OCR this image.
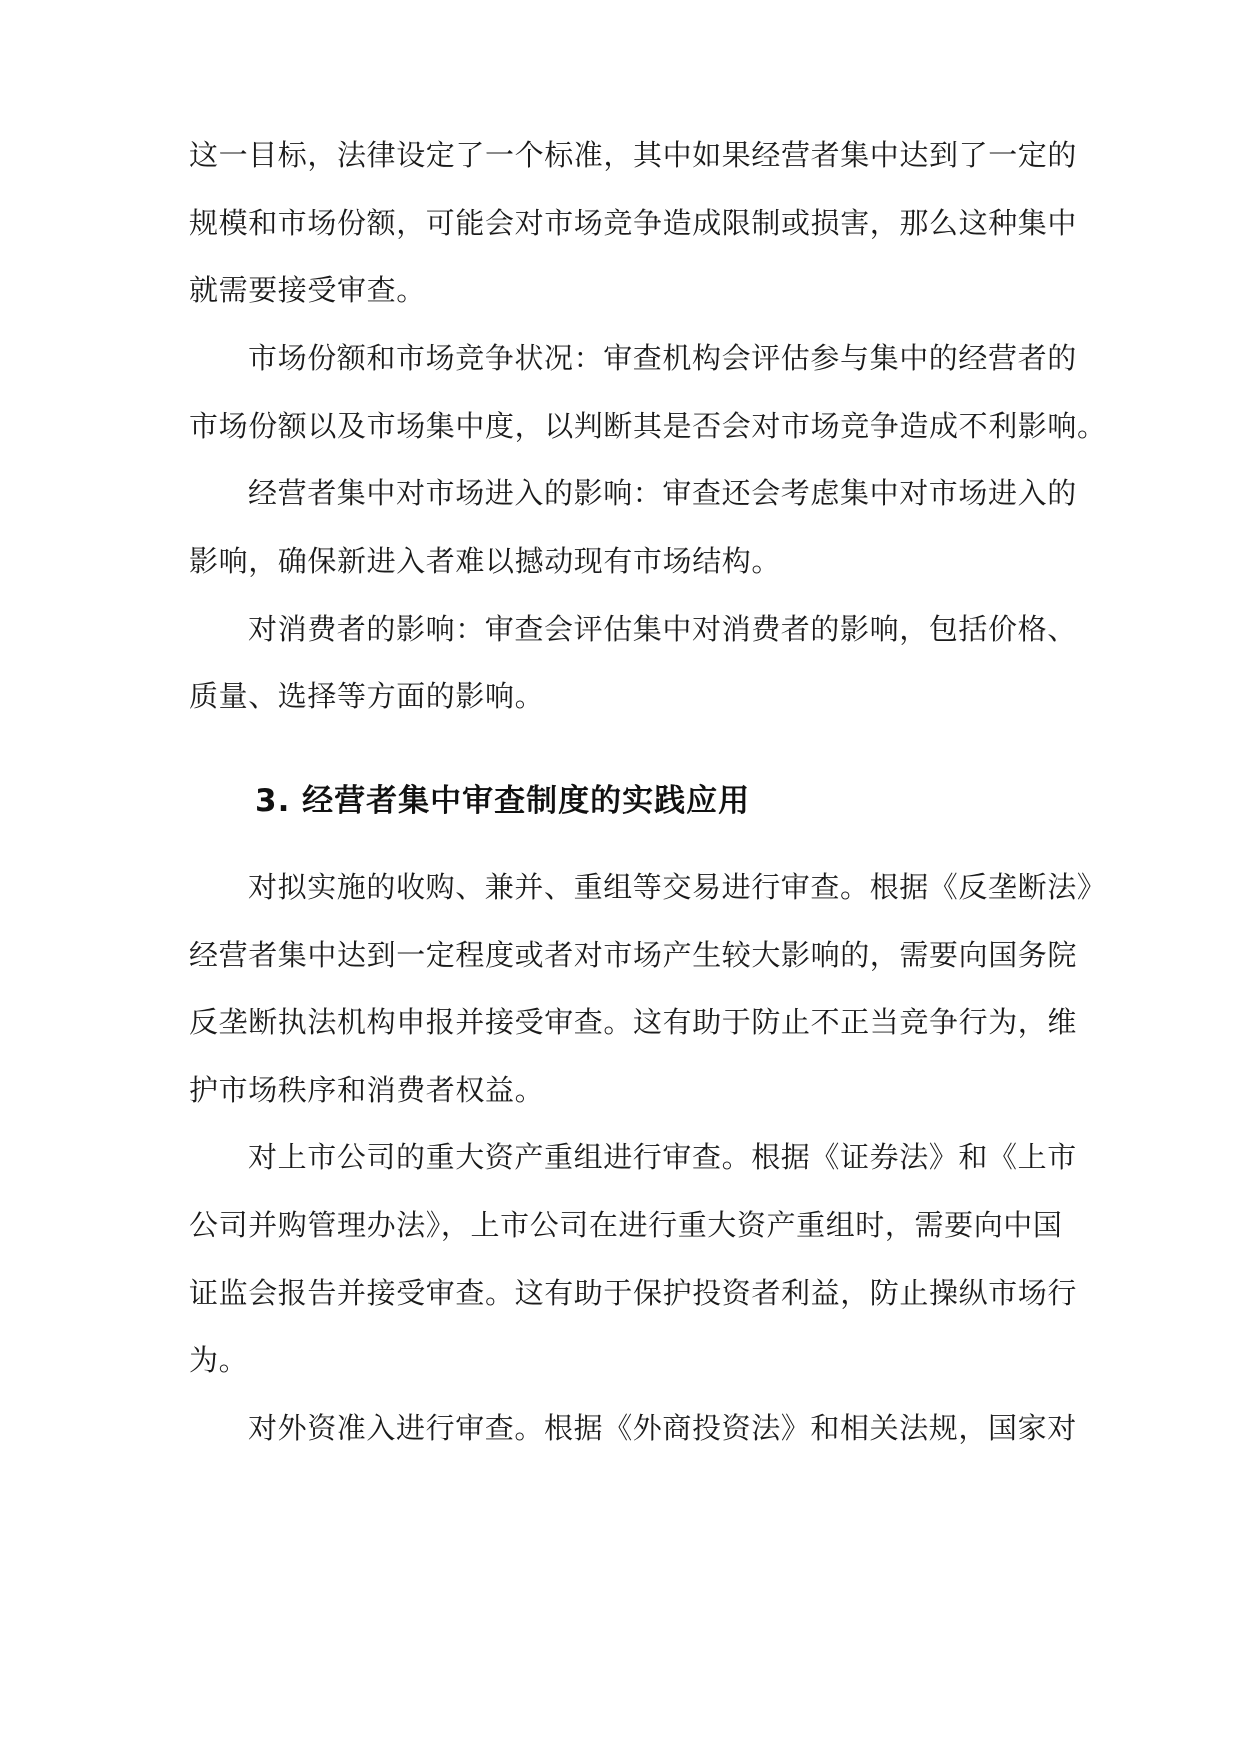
这一目标，法律设定了一个标准，其中如果经营者集中达到了一定的

规模和市场份额，可能会对市场竞争造成限制或损害，那么这种集中

就需要接受审查。

市场份额和市场竞争状况：审查机构会评估参与集中的经营者的

市场份额以及市场集中度，以判断其是否会对市场竞争造成不利影响。

经营者集中对市场进入的影响：审查还会考虑集中对市场进入的

影响，确保新进入者难以撼动现有市场结构。

对消费者的影响：审查会评估集中对消费者的影响，包括价格、

质量、选择等方面的影响。

3. 经营者集中审查制度的实践应用

对拟实施的收购、兼并、重组等交易进行审查。根据《反垄断法》

经营者集中达到一定程度或者对市场产生较大影响的，需要向国务院

反垄断执法机构申报并接受审查。这有助于防止不正当竞争行为，维

护市场秩序和消费者权益。

对上市公司的重大资产重组进行审查。根据《证券法》和《上市

公司并购管理办法》，上市公司在进行重大资产重组时，需要向中国

证监会报告并接受审查。这有助于保护投资者利益，防止操纵市场行

为。

对外资准入进行审查。根据《外商投资法》和相关法规，国家对
